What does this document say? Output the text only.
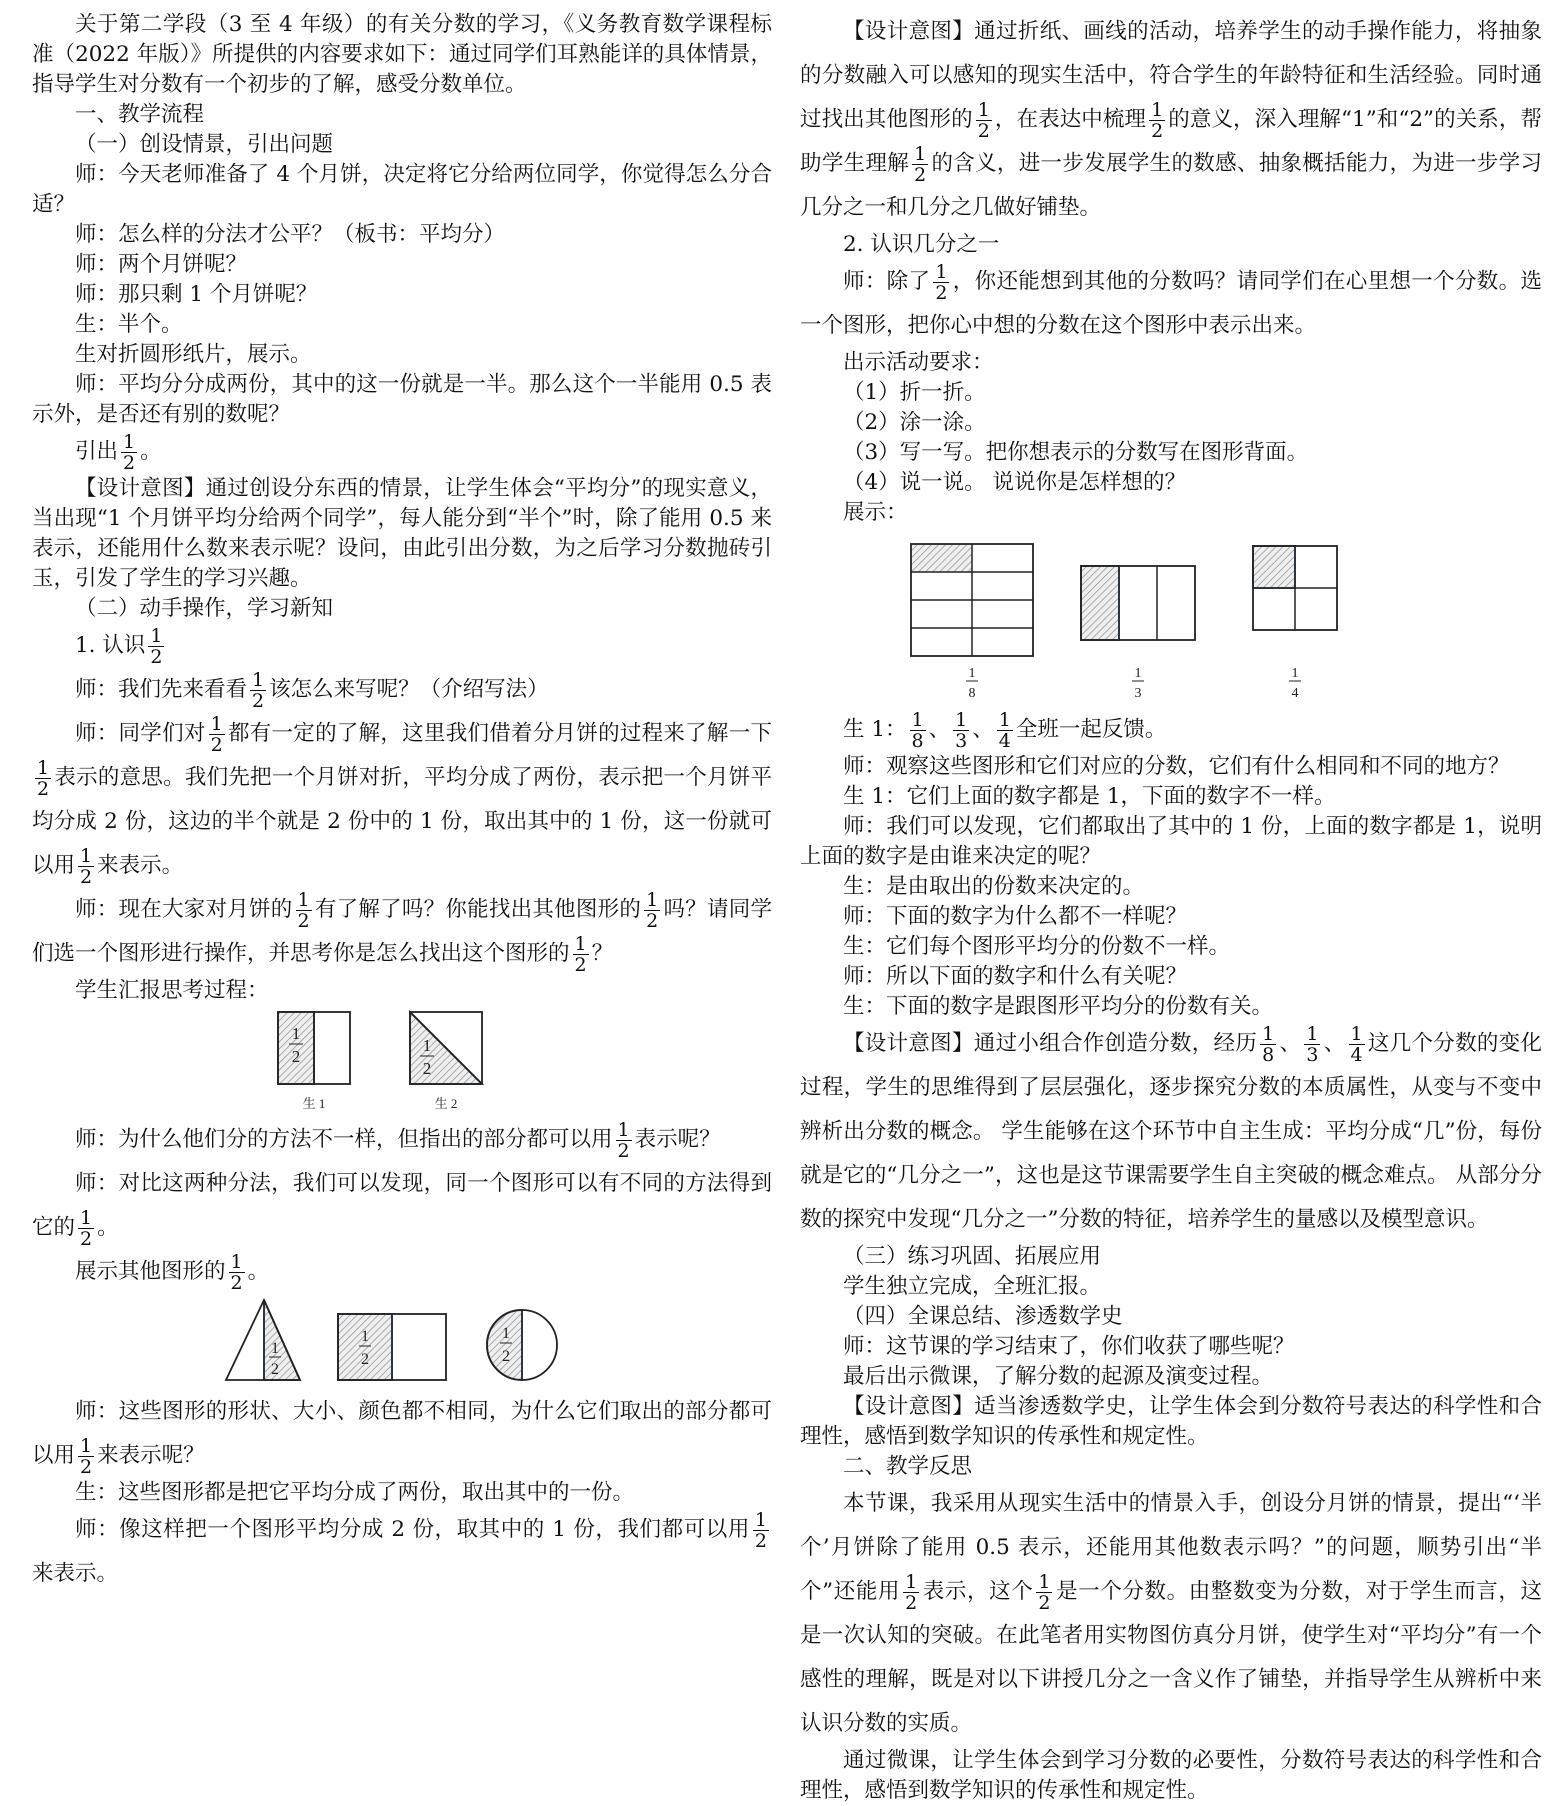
关于第二学段（3 至 4 年级）的有关分数的学习，《义务教育数学课程标准（2022 年版）》所提供的内容要求如下：通过同学们耳熟能详的具体情景，指导学生对分数有一个初步的了解，感受分数单位。

一、教学流程

（一）创设情景，引出问题

师：今天老师准备了 4 个月饼，决定将它分给两位同学，你觉得怎么分合适？

师：怎么样的分法才公平？（板书：平均分）

师：两个月饼呢？

师：那只剩 1 个月饼呢？

生：半个。

生对折圆形纸片，展示。

师：平均分分成两份，其中的这一份就是一半。那么这个一半能用 0.5 表示外，是否还有别的数呢？

引出 $\frac{1}{2}$ 。

【设计意图】通过创设分东西的情景，让学生体会“平均分”的现实意义，当出现“1 个月饼平均分给两个同学”，每人能分到“半个”时，除了能用 0.5 来表示，还能用什么数来表示呢？设问，由此引出分数，为之后学习分数抛砖引玉，引发了学生的学习兴趣。

（二）动手操作，学习新知

1. 认识 $\frac{1}{2}$

师：我们先来看看 $\frac{1}{2}$ 该怎么来写呢？（介绍写法）

师：同学们对 $\frac{1}{2}$ 都有一定的了解，这里我们借着分月饼的过程来了解一下
$\frac{1}{2}$ 表示的意思。我们先把一个月饼对折，平均分成了两份，表示把一个月饼平均分成 2 份，这边的半个就是 2 份中的 1 份，取出其中的 1 份，这一份就可以用 $\frac{1}{2}$ 来表示。

师：现在大家对月饼的 $\frac{1}{2}$ 有了解了吗？你能找出其他图形的 $\frac{1}{2}$ 吗？请同学们选一个图形进行操作，并思考你是怎么找出这个图形的 $\frac{1}{2}$ ？

学生汇报思考过程：

1
2
1
2
生 1	生 2

师：为什么他们分的方法不一样，但指出的部分都可以用 $\frac{1}{2}$ 表示呢？

师：对比这两种分法，我们可以发现，同一个图形可以有不同的方法得到它的 $\frac{1}{2}$ 。

展示其他图形的 $\frac{1}{2}$ 。

1
2
1
2
1
2

师：这些图形的形状、大小、颜色都不相同，为什么它们取出的部分都可以用 $\frac{1}{2}$ 来表示呢？

生：这些图形都是把它平均分成了两份，取出其中的一份。

师：像这样把一个图形平均分成 2 份，取其中的 1 份，我们都可以用 $\frac{1}{2}$
来表示。

【设计意图】通过折纸、画线的活动，培养学生的动手操作能力，将抽象的分数融入可以感知的现实生活中，符合学生的年龄特征和生活经验。同时通过找出其他图形的 $\frac{1}{2}$ ，在表达中梳理 $\frac{1}{2}$ 的意义，深入理解“1”和“2”的关系，帮助学生理解 $\frac{1}{2}$ 的含义，进一步发展学生的数感、抽象概括能力，为进一步学习几分之一和几分之几做好铺垫。

2. 认识几分之一

师：除了 $\frac{1}{2}$ ，你还能想到其他的分数吗？请同学们在心里想一个分数。选一个图形，把你心中想的分数在这个图形中表示出来。

出示活动要求：

（1）折一折。

（2）涂一涂。

（3）写一写。把你想表示的分数写在图形背面。

（4）说一说。 说说你是怎样想的？

展示：

1
8
1
3
1
4

生 1： $\frac{1}{8}$ 、 $\frac{1}{3}$ 、 $\frac{1}{4}$ 全班一起反馈。

师：观察这些图形和它们对应的分数，它们有什么相同和不同的地方？

生 1：它们上面的数字都是 1，下面的数字不一样。

师：我们可以发现，它们都取出了其中的 1 份，上面的数字都是 1，说明上面的数字是由谁来决定的呢？

生：是由取出的份数来决定的。

师：下面的数字为什么都不一样呢？

生：它们每个图形平均分的份数不一样。

师：所以下面的数字和什么有关呢？

生：下面的数字是跟图形平均分的份数有关。

【设计意图】通过小组合作创造分数，经历 $\frac{1}{8}$ 、 $\frac{1}{3}$ 、 $\frac{1}{4}$ 这几个分数的变化过程，学生的思维得到了层层强化，逐步探究分数的本质属性，从变与不变中辨析出分数的概念。 学生能够在这个环节中自主生成：平均分成“几”份，每份就是它的“几分之一”，这也是这节课需要学生自主突破的概念难点。 从部分分数的探究中发现“几分之一”分数的特征，培养学生的量感以及模型意识。

（三）练习巩固、拓展应用

学生独立完成，全班汇报。

（四）全课总结、渗透数学史

师：这节课的学习结束了，你们收获了哪些呢？

最后出示微课，了解分数的起源及演变过程。

【设计意图】适当渗透数学史，让学生体会到分数符号表达的科学性和合理性，感悟到数学知识的传承性和规定性。

二、教学反思

本节课，我采用从现实生活中的情景入手，创设分月饼的情景，提出“‘半个’月饼除了能用 0.5 表示，还能用其他数表示吗？”的问题，顺势引出“半个”还能用 $\frac{1}{2}$ 表示，这个 $\frac{1}{2}$ 是一个分数。由整数变为分数，对于学生而言，这是一次认知的突破。在此笔者用实物图仿真分月饼，使学生对“平均分”有一个感性的理解，既是对以下讲授几分之一含义作了铺垫，并指导学生从辨析中来认识分数的实质。

通过微课，让学生体会到学习分数的必要性，分数符号表达的科学性和合理性，感悟到数学知识的传承性和规定性。
